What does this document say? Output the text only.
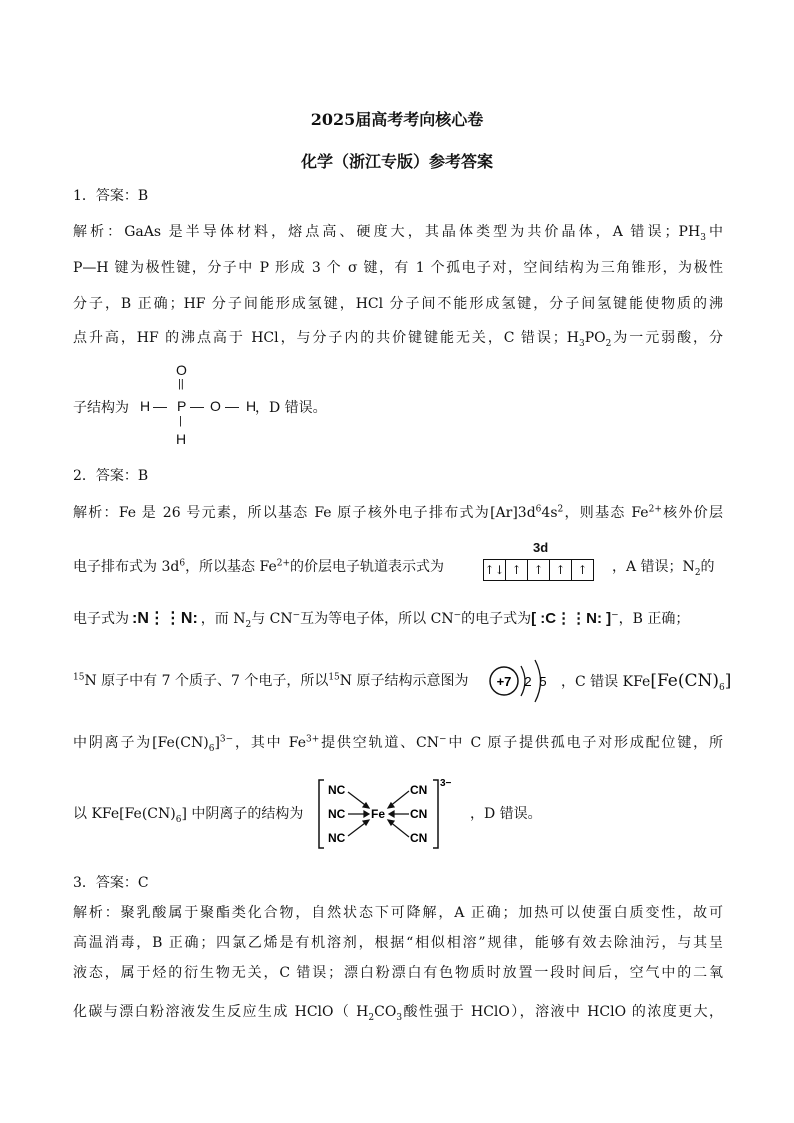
2025届高考考向核心卷
化学（浙江专版）参考答案
1．答案：B
解析：GaAs 是半导体材料，熔点高、硬度大，其晶体类型为共价晶体，A 错误；$PH_3$中
P—H 键为极性键，分子中 P 形成 3 个 σ 键，有 1 个孤电子对，空间结构为三角锥形，为极性
分子，B 正确；HF 分子间能形成氢键，HCl 分子间不能形成氢键，分子间氢键能使物质的沸
点升高，HF 的沸点高于 HCl，与分子内的共价键键能无关，C 错误；$H_3PO_2$为一元弱酸，分
子结构为	，D 错误。
O
||
H — P — O — H
|
H
2．答案：B
解析：Fe 是 26 号元素，所以基态 Fe 原子核外电子排布式为$[Ar]3d^64s^2$，则基态 $Fe^{2+}$核外价层
电子排布式为 $3d^6$，所以基态 $Fe^{2+}$的价层电子轨道表示式为
3d
↑↓ ↑ ↑ ↑ ↑	，A 错误；$N_2$的
电子式为 :N⋮⋮N: ，而 $N_2$与 CN−互为等电子体，所以 CN−的电子式为[ :C⋮⋮N: ]−，B 正确；
$^{15}$N 原子中有 7 个质子、7 个电子，所以$^{15}$N 原子结构示意图为 +7 2 5 ，C 错误 $KFe[Fe(CN)_6]$
中阴离子为$[Fe(CN)_6]^{3-}$，其中 $Fe^{3+}$提供空轨道、CN−中 C 原子提供孤电子对形成配位键，所
以 $KFe[Fe(CN)_6]$ 中阴离子的结构为
NC
NC
NC
Fe
CN
CN
CN
3−
，D 错误。
3．答案：C
解析：聚乳酸属于聚酯类化合物，自然状态下可降解，A 正确；加热可以使蛋白质变性，故可
高温消毒，B 正确；四氯乙烯是有机溶剂，根据“相似相溶”规律，能够有效去除油污，与其呈
液态，属于烃的衍生物无关，C 错误；漂白粉漂白有色物质时放置一段时间后，空气中的二氧
化碳与漂白粉溶液发生反应生成 HClO（ $H_2CO_3$酸性强于 HClO），溶液中 HClO 的浓度更大，
